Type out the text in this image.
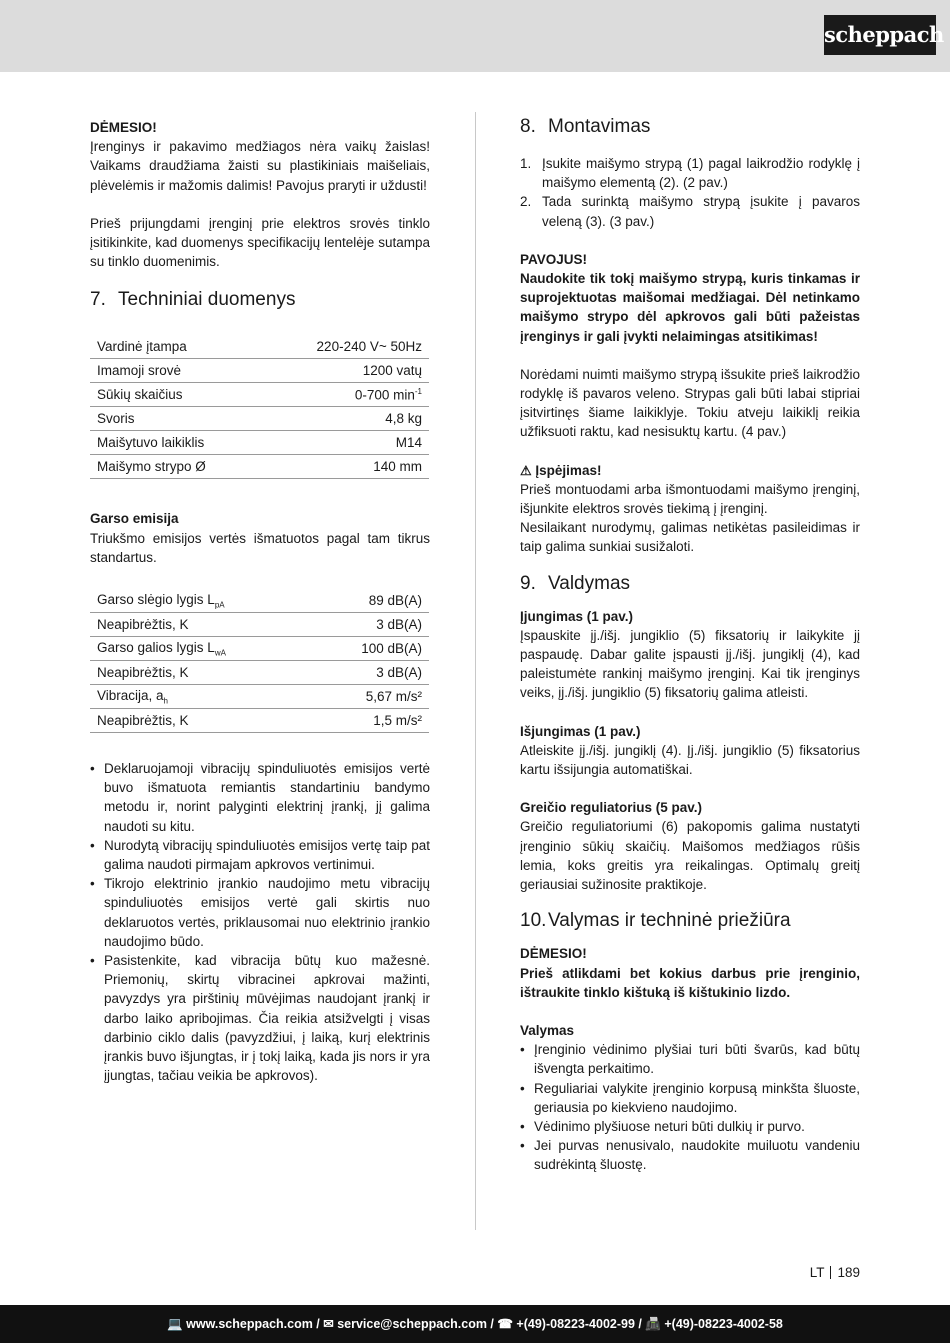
scheppach

DĖMESIO!

Įrenginys ir pakavimo medžiagos nėra vaikų žaislas! Vaikams draudžiama žaisti su plastikiniais maišeliais, plėvelėmis ir mažomis dalimis! Pavojus praryti ir uždusti!

Prieš prijungdami įrenginį prie elektros srovės tinklo įsitikinkite, kad duomenys specifikacijų lentelėje sutampa su tinklo duomenimis.

7. Techniniai duomenys
Vardinė įtampa	220-240 V~ 50Hz
Imamoji srovė	1200 vatų
Sūkių skaičius	0-700 $\min^{-1}$
Svoris	4,8 kg
Maišytuvo laikiklis	M14
Maišymo strypo Ø	140 mm

Garso emisija

Triukšmo emisijos vertės išmatuotos pagal tam tikrus standartus.

Garso slėgio lygis $L_{pA}$	89 dB(A)
Neapibrėžtis, K	3 dB(A)
Garso galios lygis $L_{wA}$	100 dB(A)
Neapibrėžtis, K	3 dB(A)
Vibracija, $a_h$	5,67 m/s²
Neapibrėžtis, K	1,5 m/s²
• Deklaruojamoji vibracijų spinduliuotės emisijos vertė buvo išmatuota remiantis standartiniu bandymo metodu ir, norint palyginti elektrinį įrankį, jį galima naudoti su kitu.
• Nurodytą vibracijų spinduliuotės emisijos vertę taip pat galima naudoti pirmajam apkrovos vertinimui.
• Tikrojo elektrinio įrankio naudojimo metu vibracijų spinduliuotės emisijos vertė gali skirtis nuo deklaruotos vertės, priklausomai nuo elektrinio įrankio naudojimo būdo.
• Pasistenkite, kad vibracija būtų kuo mažesnė. Priemonių, skirtų vibracinei apkrovai mažinti, pavyzdys yra pirštinių mūvėjimas naudojant įrankį ir darbo laiko apribojimas. Čia reikia atsižvelgti į visas darbinio ciklo dalis (pavyzdžiui, į laiką, kurį elektrinis įrankis buvo išjungtas, ir į tokį laiką, kada jis nors ir yra įjungtas, tačiau veikia be apkrovos).
8. Montavimas
1. Įsukite maišymo strypą (1) pagal laikrodžio rodyklę į maišymo elementą (2). (2 pav.)
2. Tada surinktą maišymo strypą įsukite į pavaros veleną (3). (3 pav.)

PAVOJUS!

Naudokite tik tokį maišymo strypą, kuris tinkamas ir suprojektuotas maišomai medžiagai. Dėl netinkamo maišymo strypo dėl apkrovos gali būti pažeistas įrenginys ir gali įvykti nelaimingas atsitikimas!

Norėdami nuimti maišymo strypą išsukite prieš laikrodžio rodyklę iš pavaros veleno. Strypas gali būti labai stipriai įsitvirtinęs šiame laikiklyje. Tokiu atveju laikiklį reikia užfiksuoti raktu, kad nesisuktų kartu. (4 pav.)

⚠ Įspėjimas!

Prieš montuodami arba išmontuodami maišymo įrenginį, išjunkite elektros srovės tiekimą į įrenginį.

Nesilaikant nurodymų, galimas netikėtas pasileidimas ir taip galima sunkiai susižaloti.

9. Valdymas

Įjungimas (1 pav.)

Įspauskite įj./išj. jungiklio (5) fiksatorių ir laikykite jį paspaudę. Dabar galite įspausti įj./išj. jungiklį (4), kad paleistumėte rankinį maišymo įrenginį. Kai tik įrenginys veiks, įj./išj. jungiklio (5) fiksatorių galima atleisti.

Išjungimas (1 pav.)

Atleiskite įj./išj. jungiklį (4). Įj./išj. jungiklio (5) fiksatorius kartu išsijungia automatiškai.

Greičio reguliatorius (5 pav.)

Greičio reguliatoriumi (6) pakopomis galima nustatyti įrenginio sūkių skaičių. Maišomos medžiagos rūšis lemia, koks greitis yra reikalingas. Optimalų greitį geriausiai sužinosite praktikoje.

10. Valymas ir techninė priežiūra

DĖMESIO!

Prieš atlikdami bet kokius darbus prie įrenginio, ištraukite tinklo kištuką iš kištukinio lizdo.

Valymas

• Įrenginio vėdinimo plyšiai turi būti švarūs, kad būtų išvengta perkaitimo.
• Reguliariai valykite įrenginio korpusą minkšta šluoste, geriausia po kiekvieno naudojimo.
• Vėdinimo plyšiuose neturi būti dulkių ir purvo.
• Jei purvas nenusivalo, naudokite muiluotu vandeniu sudrėkintą šluostę.
LT 189
💻 www.scheppach.com / ✉ service@scheppach.com / ☎ +(49)-08223-4002-99 / 📠 +(49)-08223-4002-58
